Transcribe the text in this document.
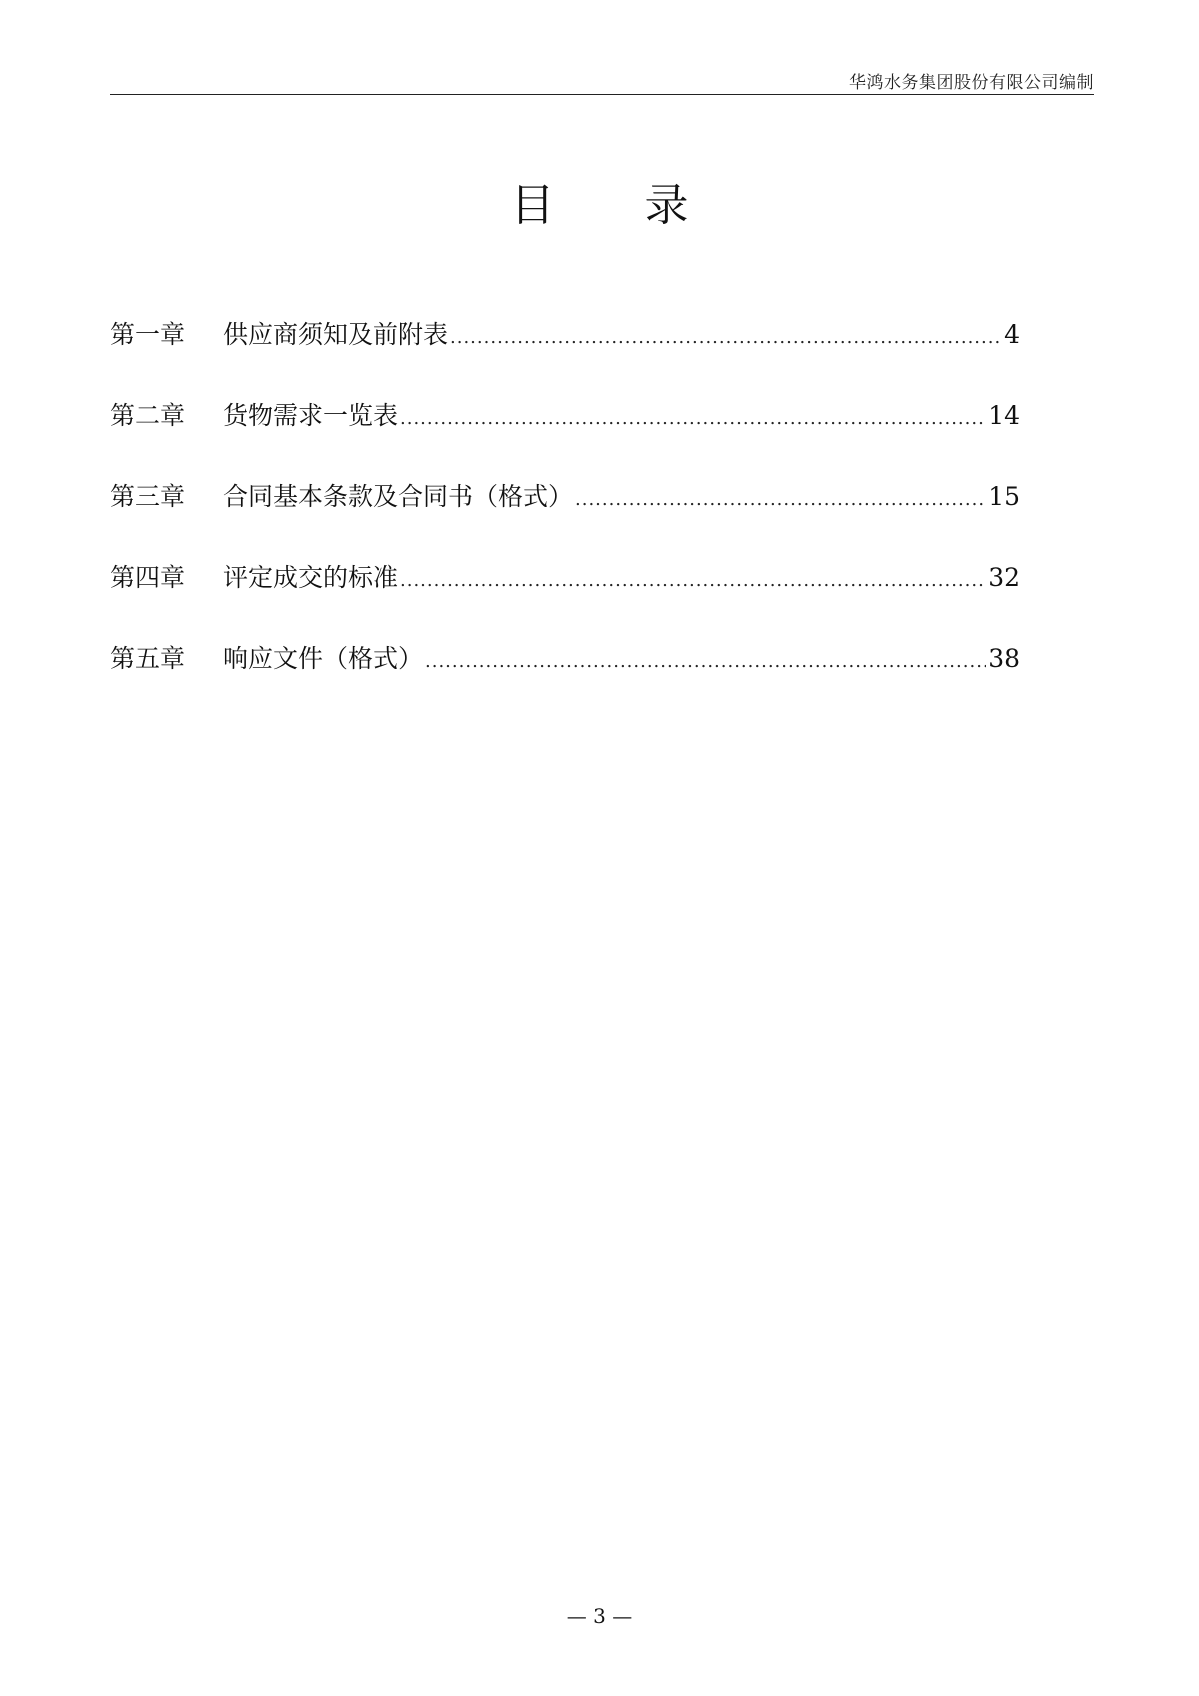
华鸿水务集团股份有限公司编制
目 录
第一章	供应商须知及前附表 .....	4
第二章	货物需求一览表 .....	14
第三章	合同基本条款及合同书（格式） .....	15
第四章	评定成交的标准 .....	32
第五章	响应文件（格式） .....	38
— 3 —
